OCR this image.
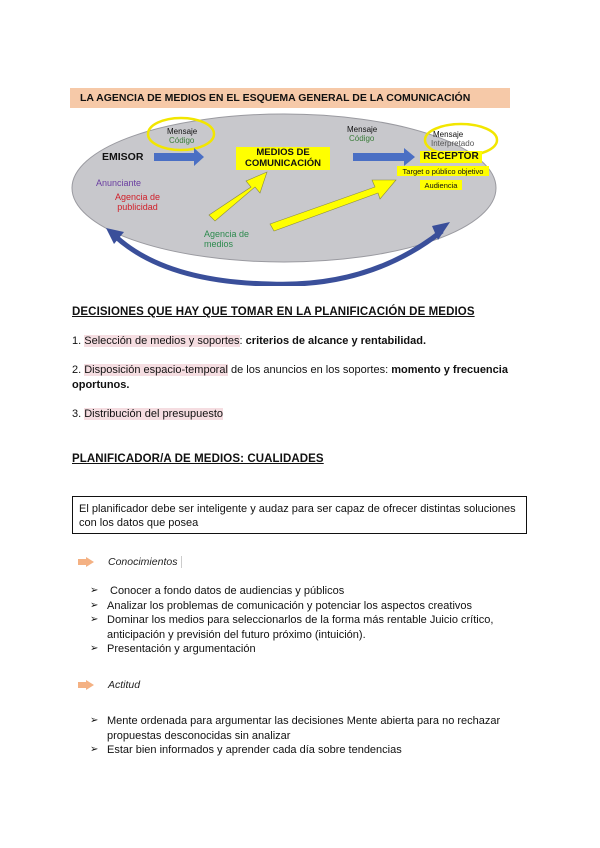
LA AGENCIA DE MEDIOS EN EL ESQUEMA GENERAL DE LA COMUNICACIÓN
Mensaje
Código
EMISOR	MEDIOS DE
COMUNICACIÓN
Mensaje
Código	Mensaje
Interpretado
RECEPTOR
Target o público objetivo
Audiencia
Anunciante
Agencia de
publicidad
Agencia de
medios
DECISIONES QUE HAY QUE TOMAR EN LA PLANIFICACIÓN DE MEDIOS
1. Selección de medios y soportes: criterios de alcance y rentabilidad.
2. Disposición espacio-temporal de los anuncios en los soportes: momento y frecuencia oportunos.
3. Distribución del presupuesto
PLANIFICADOR/A DE MEDIOS: CUALIDADES
El planificador debe ser inteligente y audaz para ser capaz de ofrecer distintas soluciones con los datos que posea
Conocimientos
➢ Conocer a fondo datos de audiencias y públicos
➢ Analizar los problemas de comunicación y potenciar los aspectos creativos
➢ Dominar los medios para seleccionarlos de la forma más rentable Juicio crítico, anticipación y previsión del futuro próximo (intuición).
➢ Presentación y argumentación
Actitud
➢ Mente ordenada para argumentar las decisiones Mente abierta para no rechazar propuestas desconocidas sin analizar
➢ Estar bien informados y aprender cada día sobre tendencias
